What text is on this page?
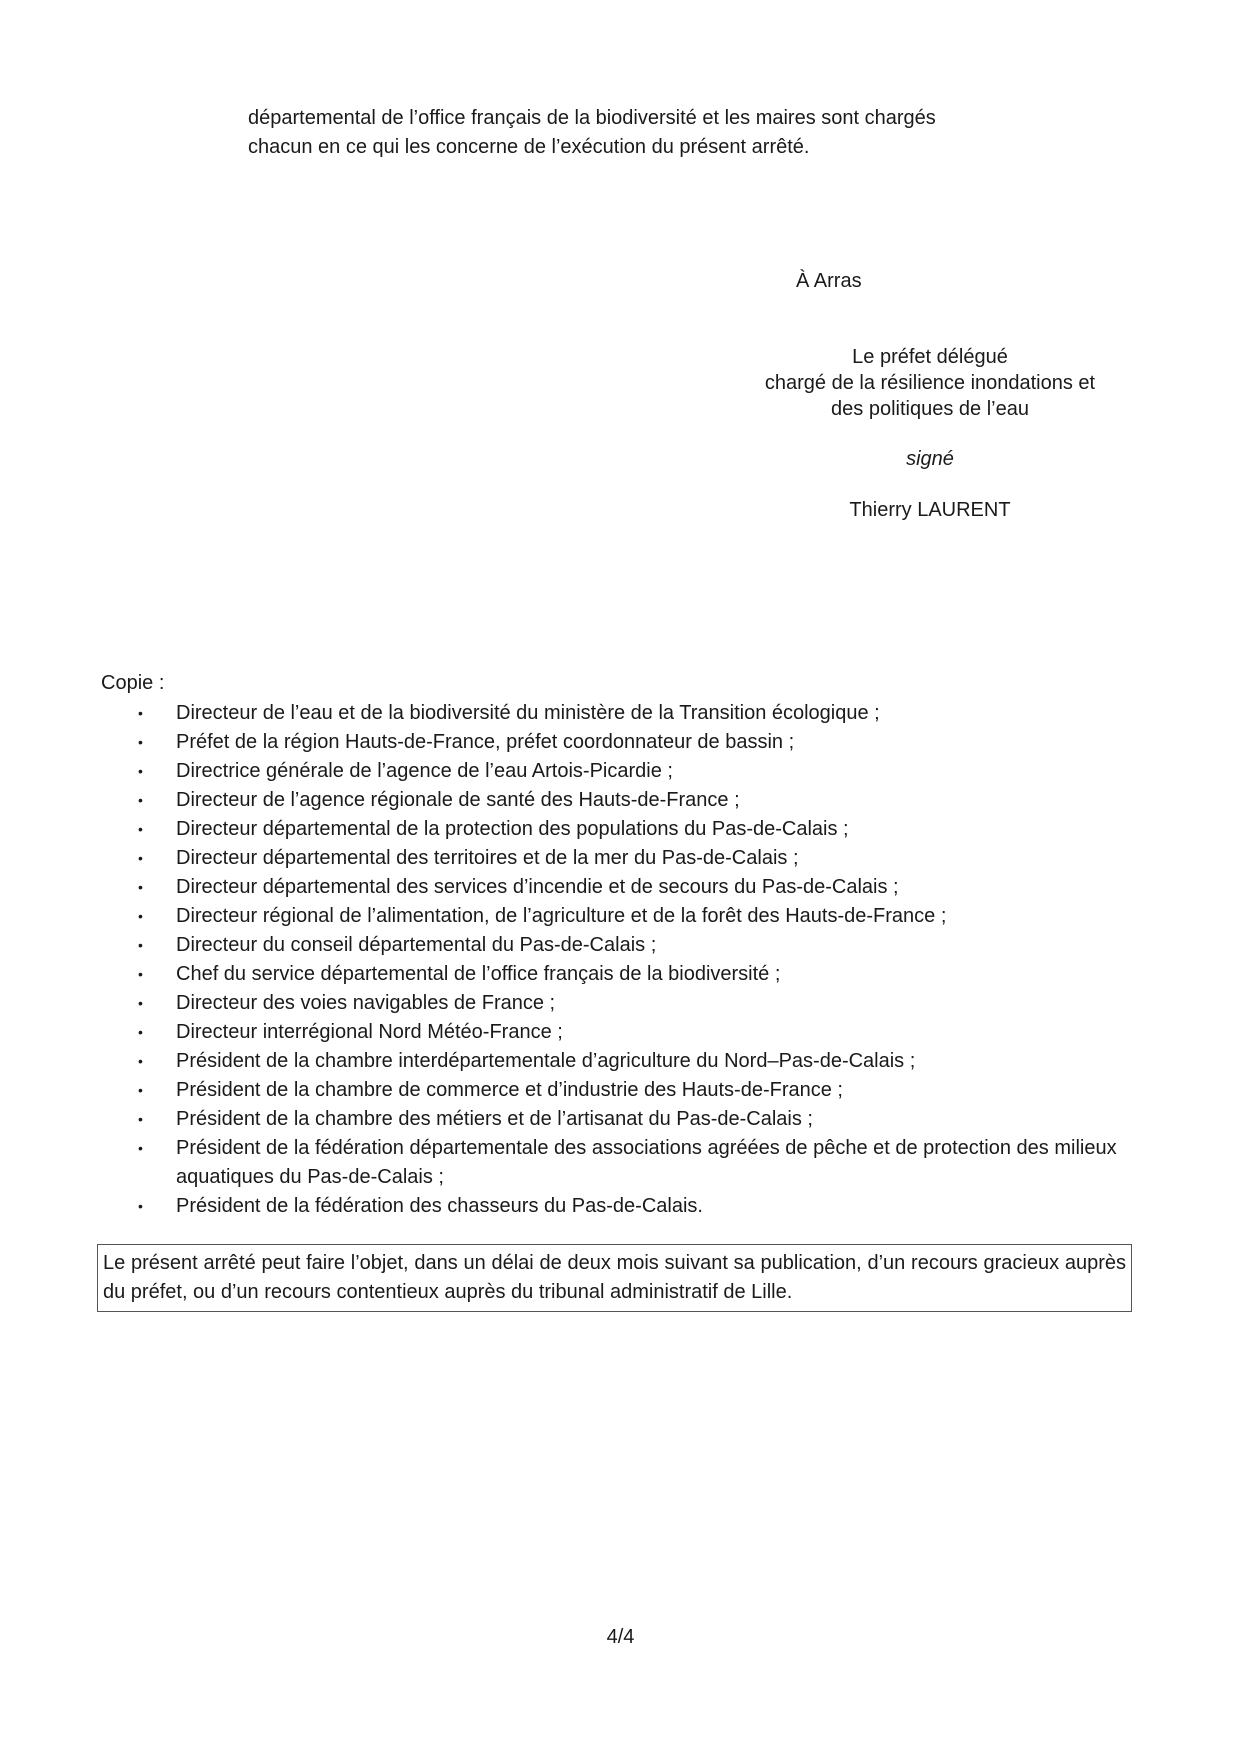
départemental de l’office français de la biodiversité et les maires sont chargés

chacun en ce qui les concerne de l’exécution du présent arrêté.

À Arras
Le préfet délégué
chargé de la résilience inondations et
des politiques de l’eau
signé
Thierry LAURENT
Copie :
• Directeur de l’eau et de la biodiversité du ministère de la Transition écologique ;
• Préfet de la région Hauts-de-France, préfet coordonnateur de bassin ;
• Directrice générale de l’agence de l’eau Artois-Picardie ;
• Directeur de l’agence régionale de santé des Hauts-de-France ;
• Directeur départemental de la protection des populations du Pas-de-Calais ;
• Directeur départemental des territoires et de la mer du Pas-de-Calais ;
• Directeur départemental des services d’incendie et de secours du Pas-de-Calais ;
• Directeur régional de l’alimentation, de l’agriculture et de la forêt des Hauts-de-France ;
• Directeur du conseil départemental du Pas-de-Calais ;
• Chef du service départemental de l’office français de la biodiversité ;
• Directeur des voies navigables de France ;
• Directeur interrégional Nord Météo-France ;
• Président de la chambre interdépartementale d’agriculture du Nord–Pas-de-Calais ;
• Président de la chambre de commerce et d’industrie des Hauts-de-France ;
• Président de la chambre des métiers et de l’artisanat du Pas-de-Calais ;
• Président de la fédération départementale des associations agréées de pêche et de protection des milieux aquatiques du Pas-de-Calais ;
• Président de la fédération des chasseurs du Pas-de-Calais.
Le présent arrêté peut faire l’objet, dans un délai de deux mois suivant sa publication, d’un recours gracieux auprès du préfet, ou d’un recours contentieux auprès du tribunal administratif de Lille.
4/4
